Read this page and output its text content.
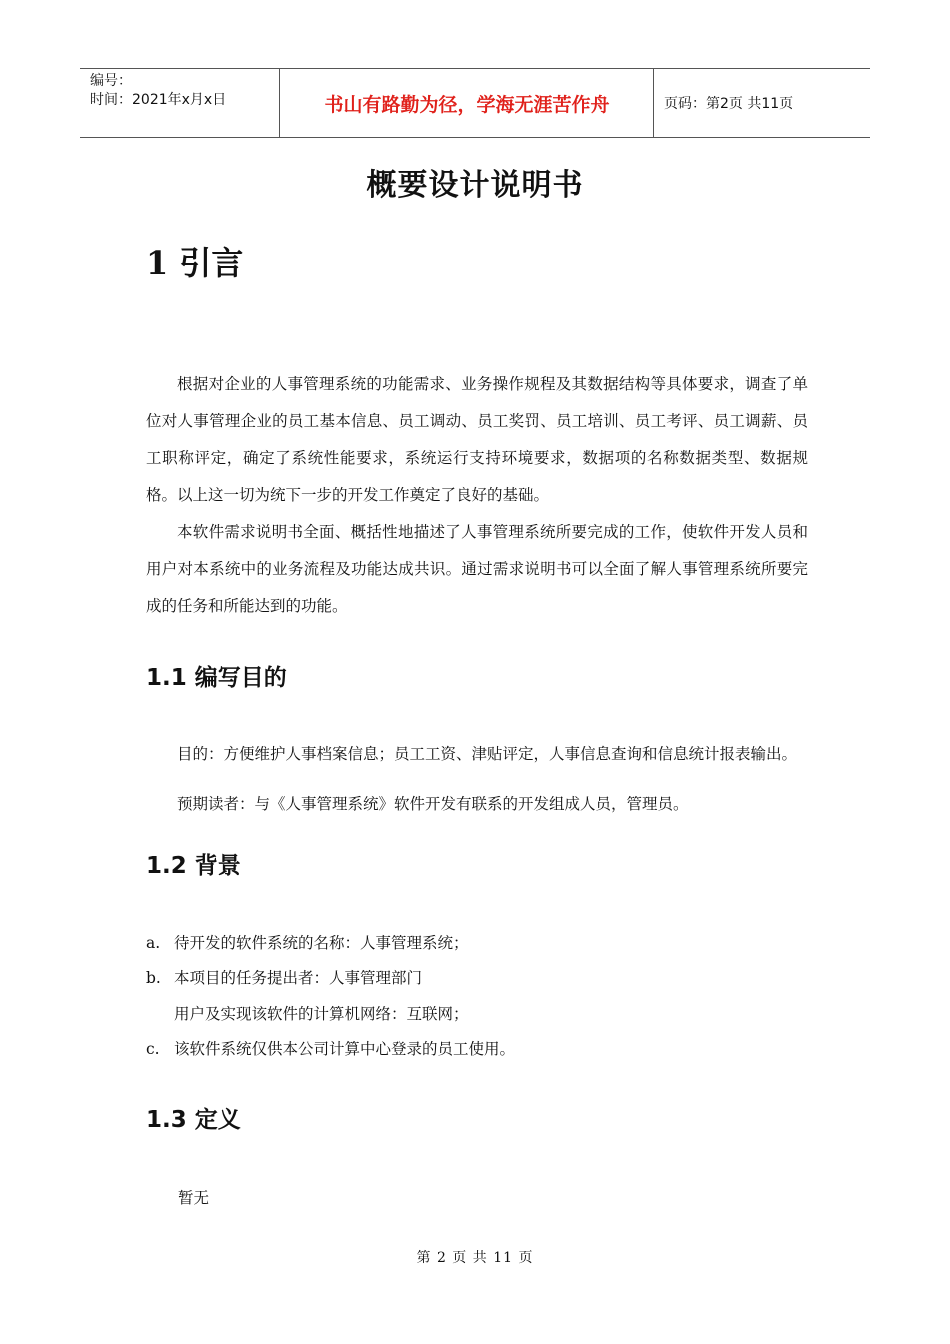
编号：
时间：2021年x月x日	书山有路勤为径，学海无涯苦作舟	页码：第2页 共11页
概要设计说明书
1 引言
根据对企业的人事管理系统的功能需求、业务操作规程及其数据结构等具体要求，调查了单位对人事管理企业的员工基本信息、员工调动、员工奖罚、员工培训、员工考评、员工调薪、员工职称评定，确定了系统性能要求，系统运行支持环境要求，数据项的名称数据类型、数据规格。以上这一切为统下一步的开发工作奠定了良好的基础。
本软件需求说明书全面、概括性地描述了人事管理系统所要完成的工作，使软件开发人员和用户对本系统中的业务流程及功能达成共识。通过需求说明书可以全面了解人事管理系统所要完成的任务和所能达到的功能。
1.1 编写目的
目的：方便维护人事档案信息；员工工资、津贴评定，人事信息查询和信息统计报表输出。
预期读者：与《人事管理系统》软件开发有联系的开发组成人员，管理员。
1.2 背景
a. 待开发的软件系统的名称：人事管理系统；
b. 本项目的任务提出者：人事管理部门
用户及实现该软件的计算机网络：互联网；
c. 该软件系统仅供本公司计算中心登录的员工使用。
1.3 定义
暂无
第 2 页 共 11 页
